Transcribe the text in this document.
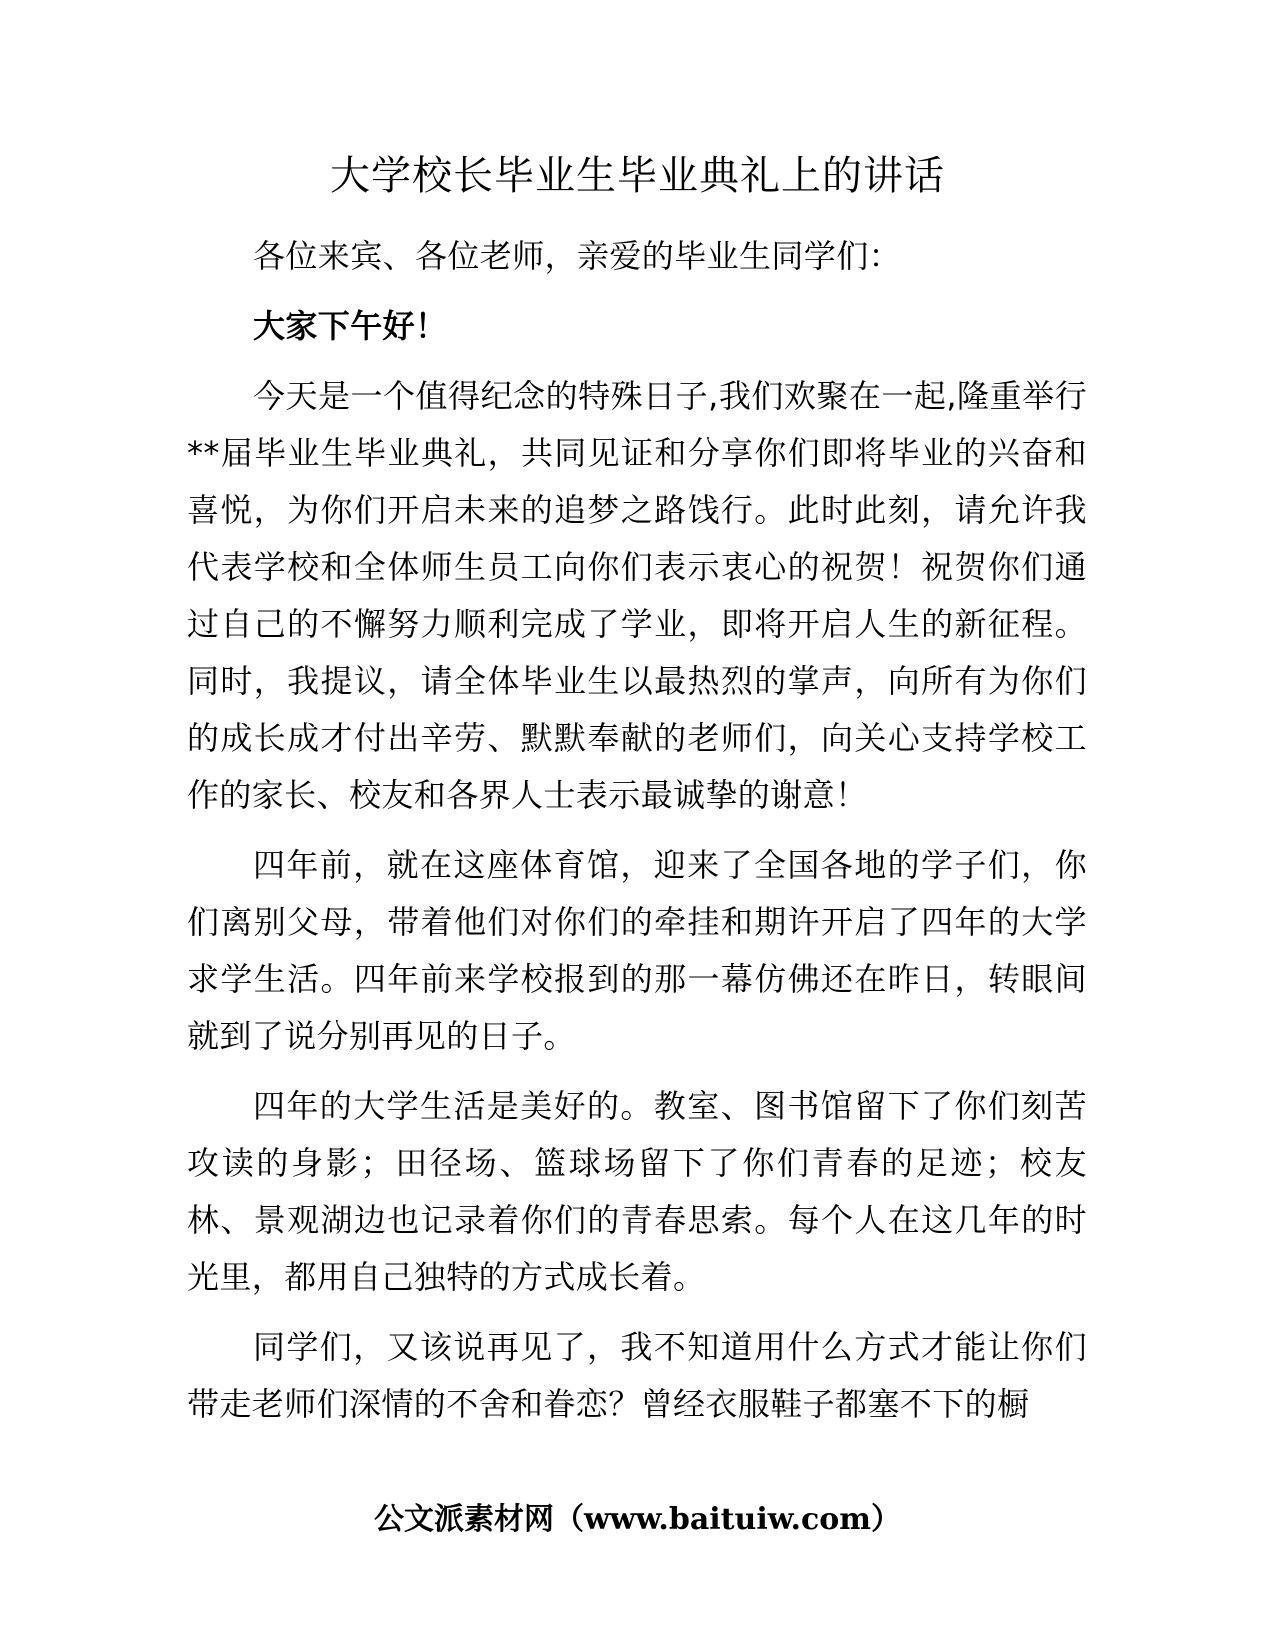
大学校长毕业生毕业典礼上的讲话

各位来宾、各位老师，亲爱的毕业生同学们：

大家下午好！

今天是一个值得纪念的特殊日子,我们欢聚在一起,隆重举行**届毕业生毕业典礼，共同见证和分享你们即将毕业的兴奋和喜悦，为你们开启未来的追梦之路饯行。此时此刻，请允许我代表学校和全体师生员工向你们表示衷心的祝贺！祝贺你们通过自己的不懈努力顺利完成了学业，即将开启人生的新征程。同时，我提议，请全体毕业生以最热烈的掌声，向所有为你们的成长成才付出辛劳、默默奉献的老师们，向关心支持学校工作的家长、校友和各界人士表示最诚挚的谢意！

四年前，就在这座体育馆，迎来了全国各地的学子们，你们离别父母，带着他们对你们的牵挂和期许开启了四年的大学求学生活。四年前来学校报到的那一幕仿佛还在昨日，转眼间就到了说分别再见的日子。

四年的大学生活是美好的。教室、图书馆留下了你们刻苦攻读的身影；田径场、篮球场留下了你们青春的足迹；校友林、景观湖边也记录着你们的青春思索。每个人在这几年的时光里，都用自己独特的方式成长着。

同学们，又该说再见了，我不知道用什么方式才能让你们带走老师们深情的不舍和眷恋？曾经衣服鞋子都塞不下的橱

公文派素材网（www.baituiw.com）
